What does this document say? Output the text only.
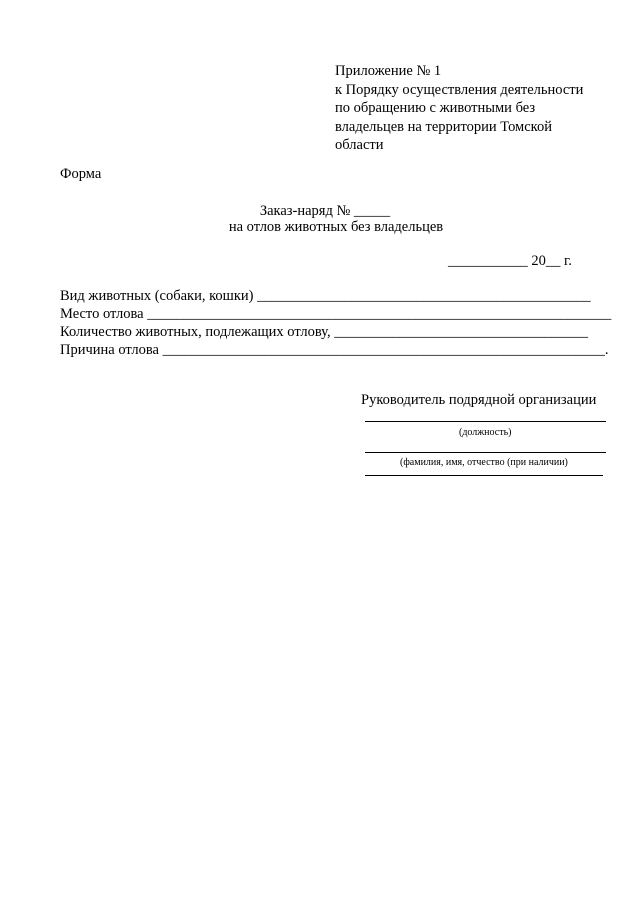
Приложение № 1
к Порядку осуществления деятельности
по обращению с животными без
владельцев на территории Томской
области
Форма
Заказ-наряд № _____
на отлов животных без владельцев
___________ 20__ г.
Вид животных (собаки, кошки) ______________________________________________
Место отлова ________________________________________________________________
Количество животных, подлежащих отлову, ___________________________________
Причина отлова _____________________________________________________________.
Руководитель подрядной организации
(должность)
(фамилия, имя, отчество (при наличии)
